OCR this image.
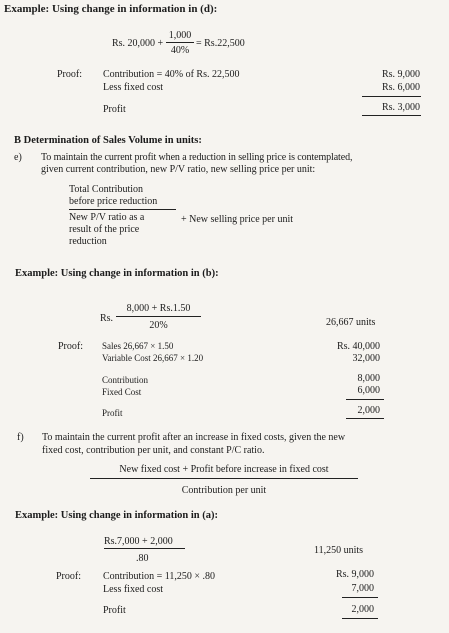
Example: Using change in information in (d):
Rs. 20,000 +
1,000
40%
= Rs.22,500
Proof: Contribution = 40% of Rs. 22,500	Rs. 9,000
Less fixed cost	Rs. 6,000
Profit	Rs. 3,000
B Determination of Sales Volume in units:
e) To maintain the current profit when a reduction in selling price is contemplated,
given current contribution, new P/V ratio, new selling price per unit:
Total Contribution
before price reduction
New P/V ratio as a
result of the price
reduction
+ New selling price per unit
Example: Using change in information in (b):
Rs.
8,000 + Rs.1.50
20%	26,667 units
Proof: Sales 26,667 × 1.50	Rs. 40,000
Variable Cost 26,667 × 1.20	32,000
Contribution	8,000
Fixed Cost	6,000
Profit	2,000
f) To maintain the current profit after an increase in fixed costs, given the new
fixed cost, contribution per unit, and constant P/C ratio.
New fixed cost + Profit before increase in fixed cost
Contribution per unit
Example: Using change in information in (a):
Rs.7,000 + 2,000
.80
11,250 units
Proof: Contribution = 11,250 × .80	Rs. 9,000
Less fixed cost	7,000
Profit	2,000
